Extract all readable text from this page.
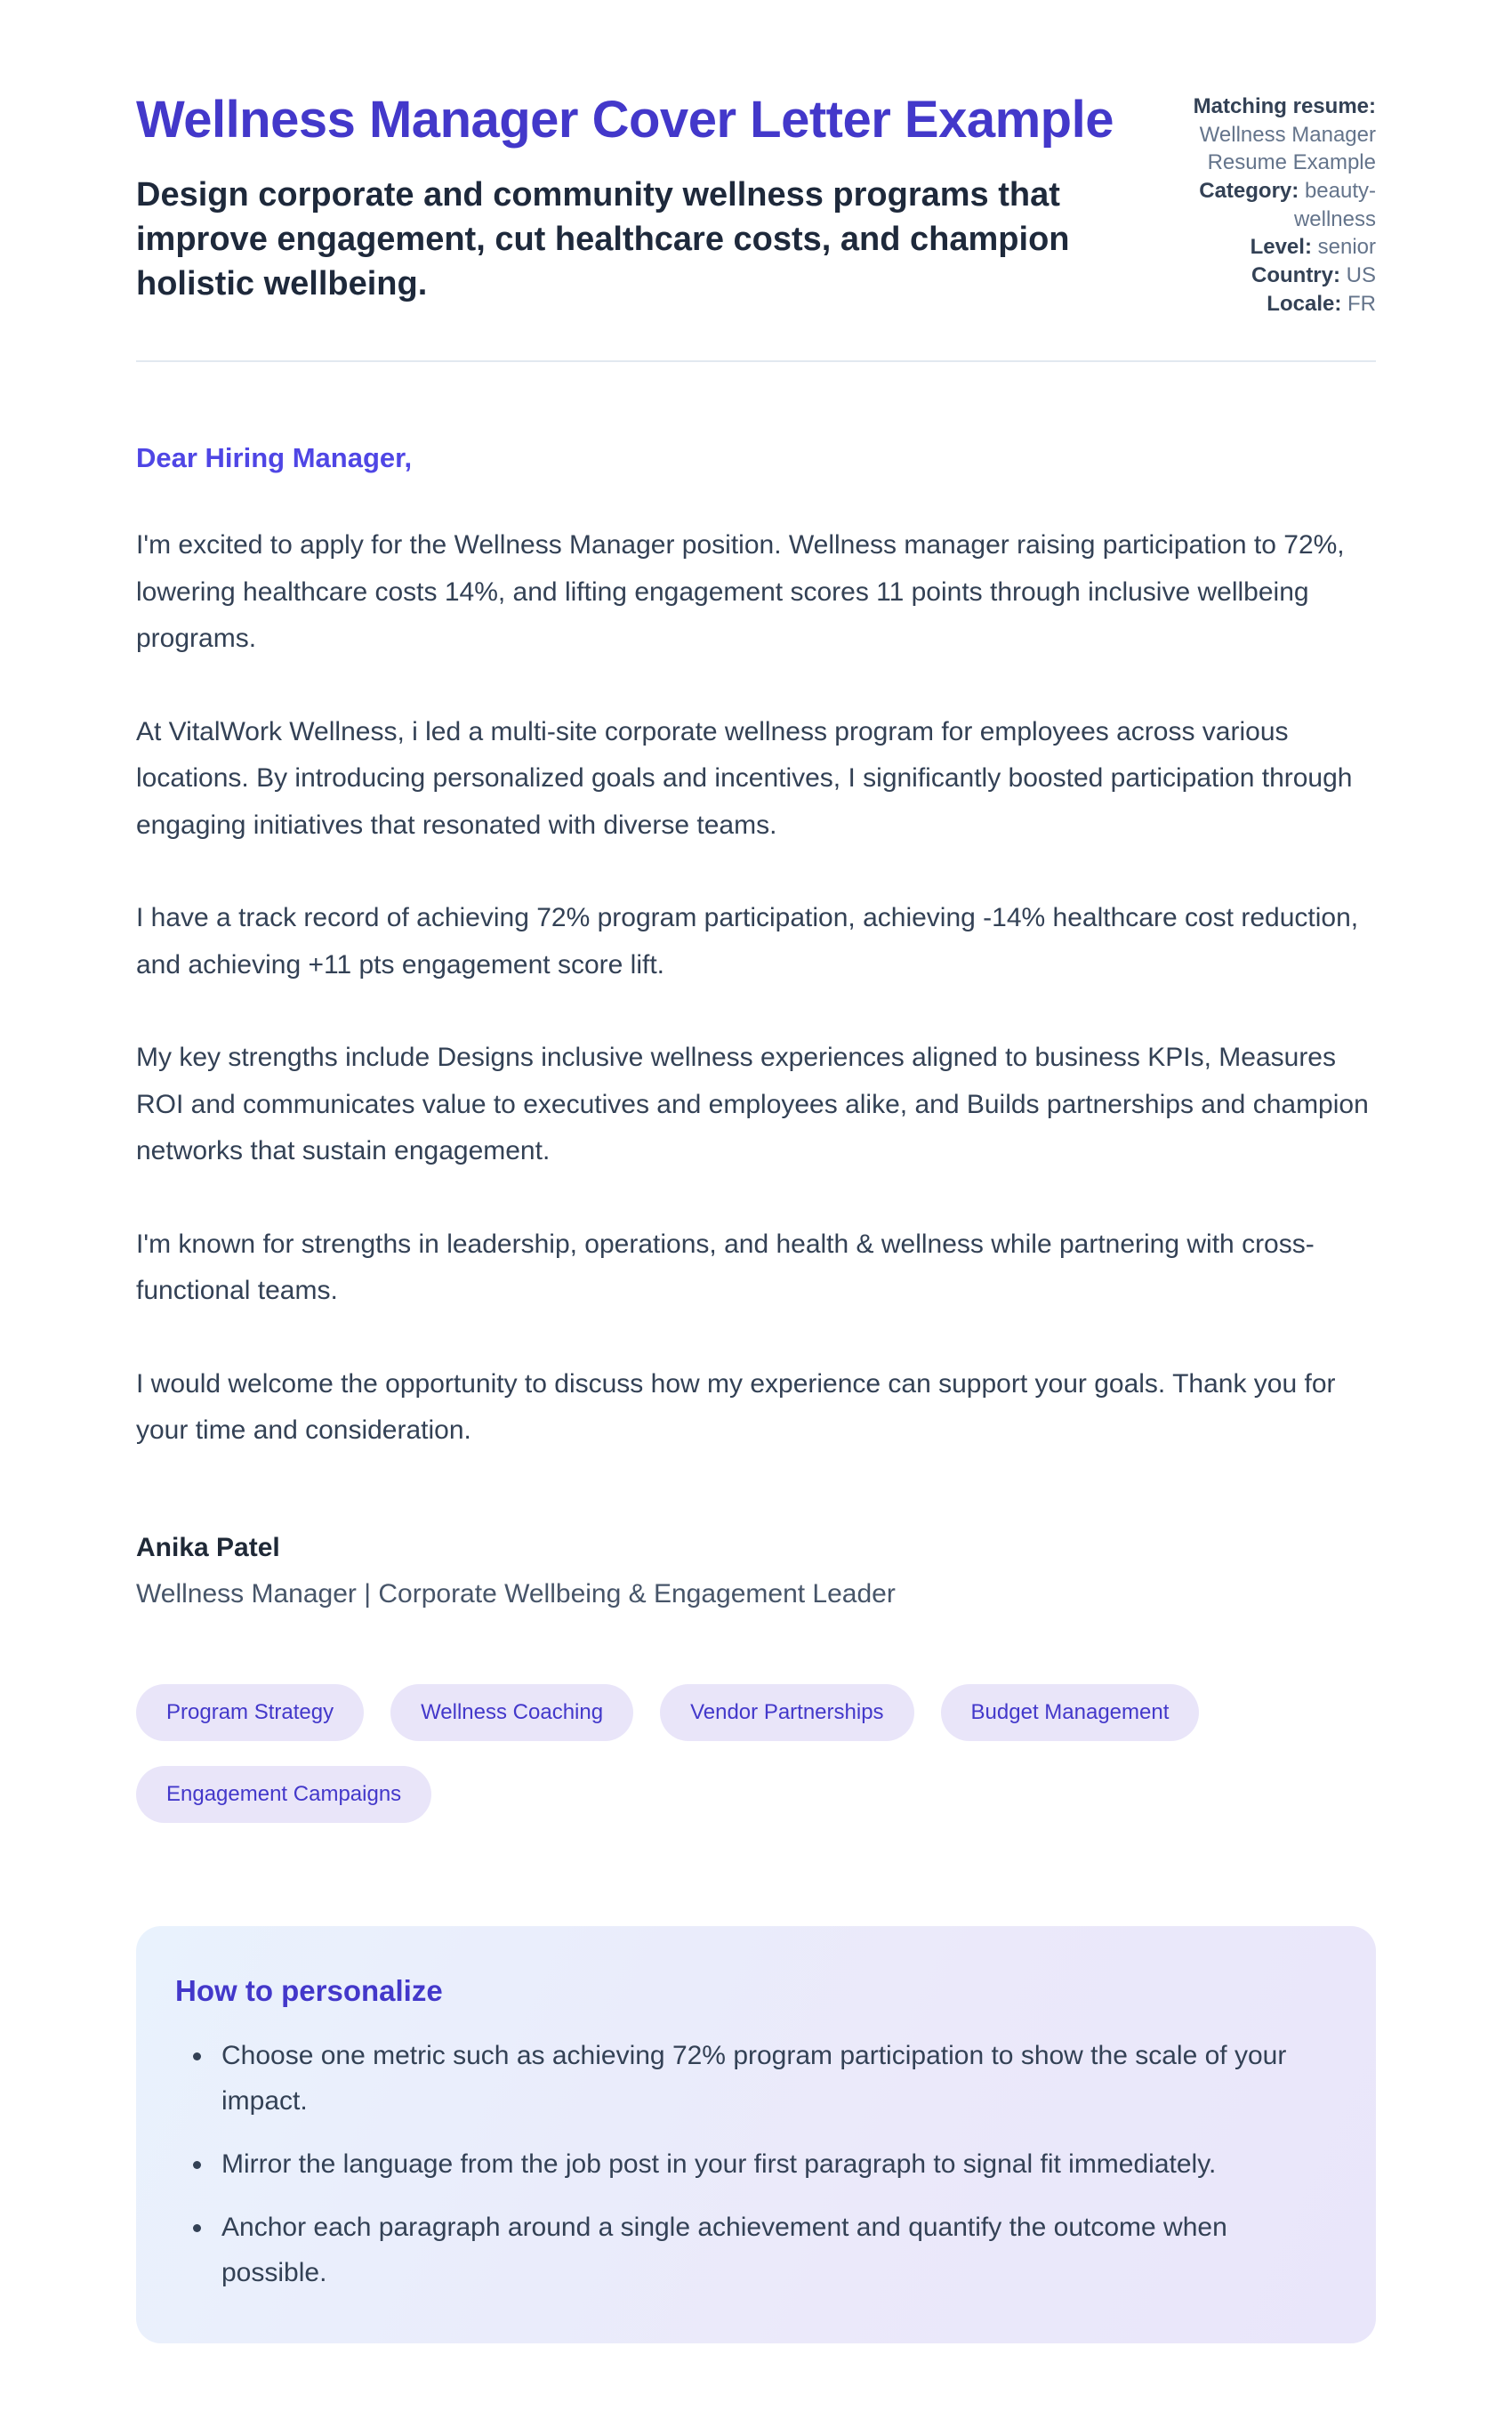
Wellness Manager Cover Letter Example

Design corporate and community wellness programs that improve engagement, cut healthcare costs, and champion holistic wellbeing.

Matching resume: Wellness Manager Resume Example
Category: beauty-wellness
Level: senior
Country: US
Locale: FR

Dear Hiring Manager,

I'm excited to apply for the Wellness Manager position. Wellness manager raising participation to 72%, lowering healthcare costs 14%, and lifting engagement scores 11 points through inclusive wellbeing programs.

At VitalWork Wellness, i led a multi-site corporate wellness program for employees across various locations. By introducing personalized goals and incentives, I significantly boosted participation through engaging initiatives that resonated with diverse teams.

I have a track record of achieving 72% program participation, achieving -14% healthcare cost reduction, and achieving +11 pts engagement score lift.

My key strengths include Designs inclusive wellness experiences aligned to business KPIs, Measures ROI and communicates value to executives and employees alike, and Builds partnerships and champion networks that sustain engagement.

I'm known for strengths in leadership, operations, and health & wellness while partnering with cross-functional teams.

I would welcome the opportunity to discuss how my experience can support your goals. Thank you for your time and consideration.

Anika Patel

Wellness Manager | Corporate Wellbeing & Engagement Leader

Program Strategy	Wellness Coaching	Vendor Partnerships	Budget Management
Engagement Campaigns
How to personalize
• Choose one metric such as achieving 72% program participation to show the scale of your impact.
• Mirror the language from the job post in your first paragraph to signal fit immediately.
• Anchor each paragraph around a single achievement and quantify the outcome when possible.
